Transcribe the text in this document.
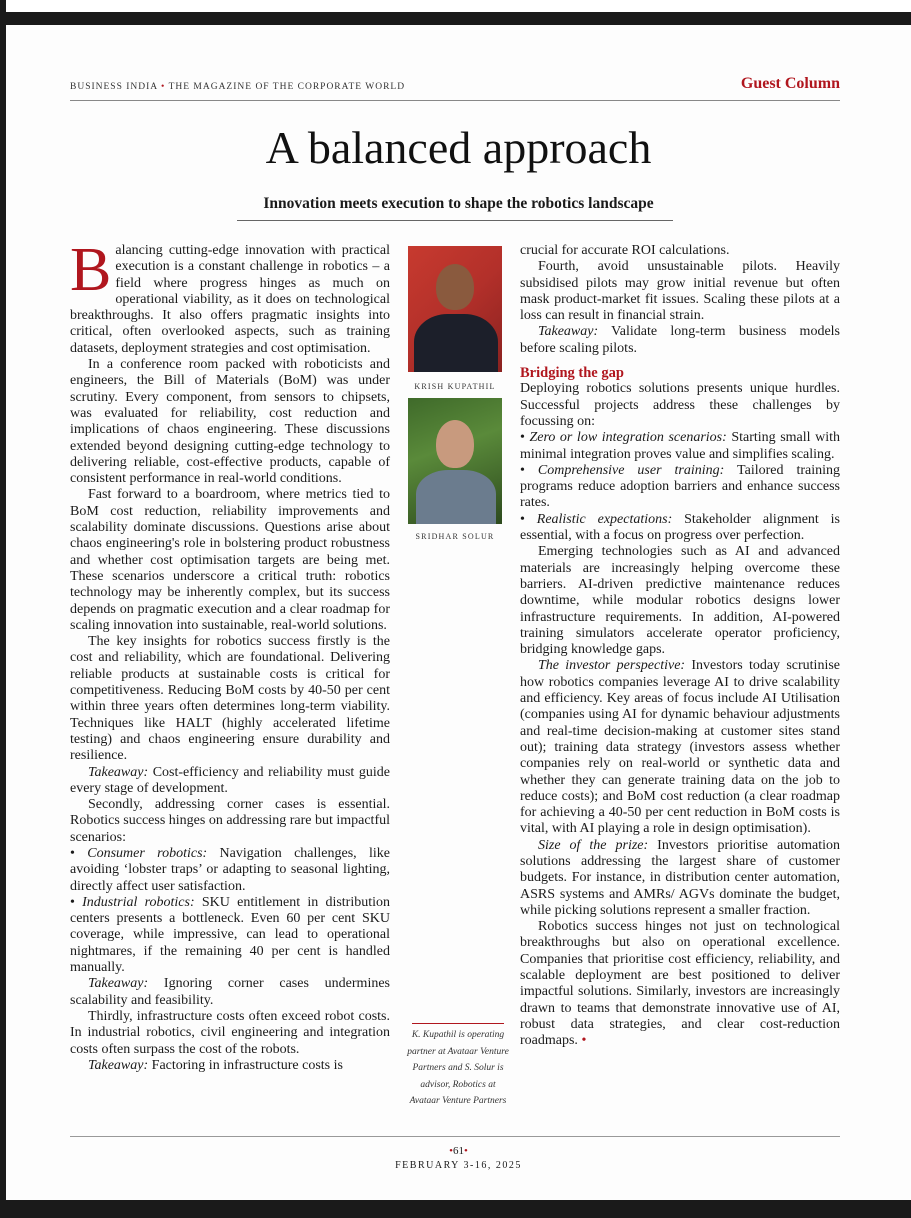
BUSINESS INDIA • THE MAGAZINE OF THE CORPORATE WORLD	Guest Column
A balanced approach
Innovation meets execution to shape the robotics landscape

Balancing cutting-edge innovation with practical execution is a constant challenge in robotics – a field where progress hinges as much on operational viability, as it does on technological breakthroughs. It also offers pragmatic insights into critical, often overlooked aspects, such as training datasets, deployment strategies and cost optimisation.

In a conference room packed with roboticists and engineers, the Bill of Materials (BoM) was under scrutiny. Every component, from sensors to chipsets, was evaluated for reliability, cost reduction and implications of chaos engineering. These discussions extended beyond designing cutting-edge technology to delivering reliable, cost-effective products, capable of consistent performance in real-world conditions.

Fast forward to a boardroom, where metrics tied to BoM cost reduction, reliability improvements and scalability dominate discussions. Questions arise about chaos engineering's role in bolstering product robustness and whether cost optimisation targets are being met. These scenarios underscore a critical truth: robotics technology may be inherently complex, but its success depends on pragmatic execution and a clear roadmap for scaling innovation into sustainable, real-world solutions.

The key insights for robotics success firstly is the cost and reliability, which are foundational. Delivering reliable products at sustainable costs is critical for competitiveness. Reducing BoM costs by 40-50 per cent within three years often determines long-term viability. Techniques like HALT (highly accelerated lifetime testing) and chaos engineering ensure durability and resilience.

Takeaway: Cost-efficiency and reliability must guide every stage of development.

Secondly, addressing corner cases is essential. Robotics success hinges on addressing rare but impactful scenarios:

• Consumer robotics: Navigation challenges, like avoiding ‘lobster traps’ or adapting to seasonal lighting, directly affect user satisfaction.

• Industrial robotics: SKU entitlement in distribution centers presents a bottleneck. Even 60 per cent SKU coverage, while impressive, can lead to operational nightmares, if the remaining 40 per cent is handled manually.

Takeaway: Ignoring corner cases undermines scalability and feasibility.

Thirdly, infrastructure costs often exceed robot costs. In industrial robotics, civil engineering and integration costs often surpass the cost of the robots.

Takeaway: Factoring in infrastructure costs is

KRISH KUPATHIL
SRIDHAR SOLUR
K. Kupathil is operating partner at Avataar Venture Partners and S. Solur is advisor, Robotics at Avataar Venture Partners

crucial for accurate ROI calculations.

Fourth, avoid unsustainable pilots. Heavily subsidised pilots may grow initial revenue but often mask product-market fit issues. Scaling these pilots at a loss can result in financial strain.

Takeaway: Validate long-term business models before scaling pilots.

Bridging the gap

Deploying robotics solutions presents unique hurdles. Successful projects address these challenges by focussing on:

• Zero or low integration scenarios: Starting small with minimal integration proves value and simplifies scaling.

• Comprehensive user training: Tailored training programs reduce adoption barriers and enhance success rates.

• Realistic expectations: Stakeholder alignment is essential, with a focus on progress over perfection.

Emerging technologies such as AI and advanced materials are increasingly helping overcome these barriers. AI-driven predictive maintenance reduces downtime, while modular robotics designs lower infrastructure requirements. In addition, AI-powered training simulators accelerate operator proficiency, bridging knowledge gaps.

The investor perspective: Investors today scrutinise how robotics companies leverage AI to drive scalability and efficiency. Key areas of focus include AI Utilisation (companies using AI for dynamic behaviour adjustments and real-time decision-making at customer sites stand out); training data strategy (investors assess whether companies rely on real-world or synthetic data and whether they can generate training data on the job to reduce costs); and BoM cost reduction (a clear roadmap for achieving a 40-50 per cent reduction in BoM costs is vital, with AI playing a role in design optimisation).

Size of the prize: Investors prioritise automation solutions addressing the largest share of customer budgets. For instance, in distribution center automation, ASRS systems and AMRs/ AGVs dominate the budget, while picking solutions represent a smaller fraction.

Robotics success hinges not just on technological breakthroughs but also on operational excellence. Companies that prioritise cost efficiency, reliability, and scalable deployment are best positioned to deliver impactful solutions. Similarly, investors are increasingly drawn to teams that demonstrate innovative use of AI, robust data strategies, and clear cost-reduction roadmaps. •

•61•
FEBRUARY 3-16, 2025
